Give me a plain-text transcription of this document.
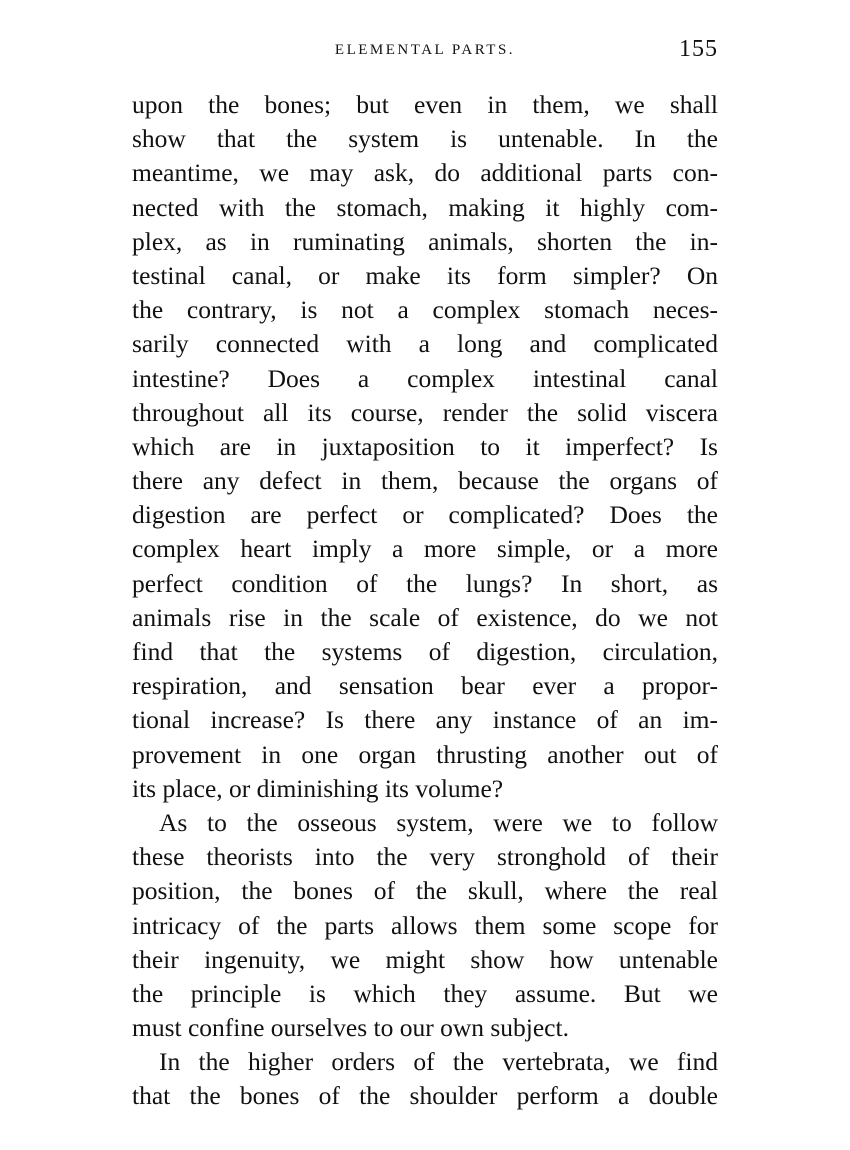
ELEMENTAL PARTS.	155
upon the bones; but even in them, we shall
show that the system is untenable. In the
meantime, we may ask, do additional parts con-
nected with the stomach, making it highly com-
plex, as in ruminating animals, shorten the in-
testinal canal, or make its form simpler? On
the contrary, is not a complex stomach neces-
sarily connected with a long and complicated
intestine? Does a complex intestinal canal
throughout all its course, render the solid viscera
which are in juxtaposition to it imperfect? Is
there any defect in them, because the organs of
digestion are perfect or complicated? Does the
complex heart imply a more simple, or a more
perfect condition of the lungs? In short, as
animals rise in the scale of existence, do we not
find that the systems of digestion, circulation,
respiration, and sensation bear ever a propor-
tional increase? Is there any instance of an im-
provement in one organ thrusting another out of
its place, or diminishing its volume?
As to the osseous system, were we to follow
these theorists into the very stronghold of their
position, the bones of the skull, where the real
intricacy of the parts allows them some scope for
their ingenuity, we might show how untenable
the principle is which they assume. But we
must confine ourselves to our own subject.
In the higher orders of the vertebrata, we find
that the bones of the shoulder perform a double
